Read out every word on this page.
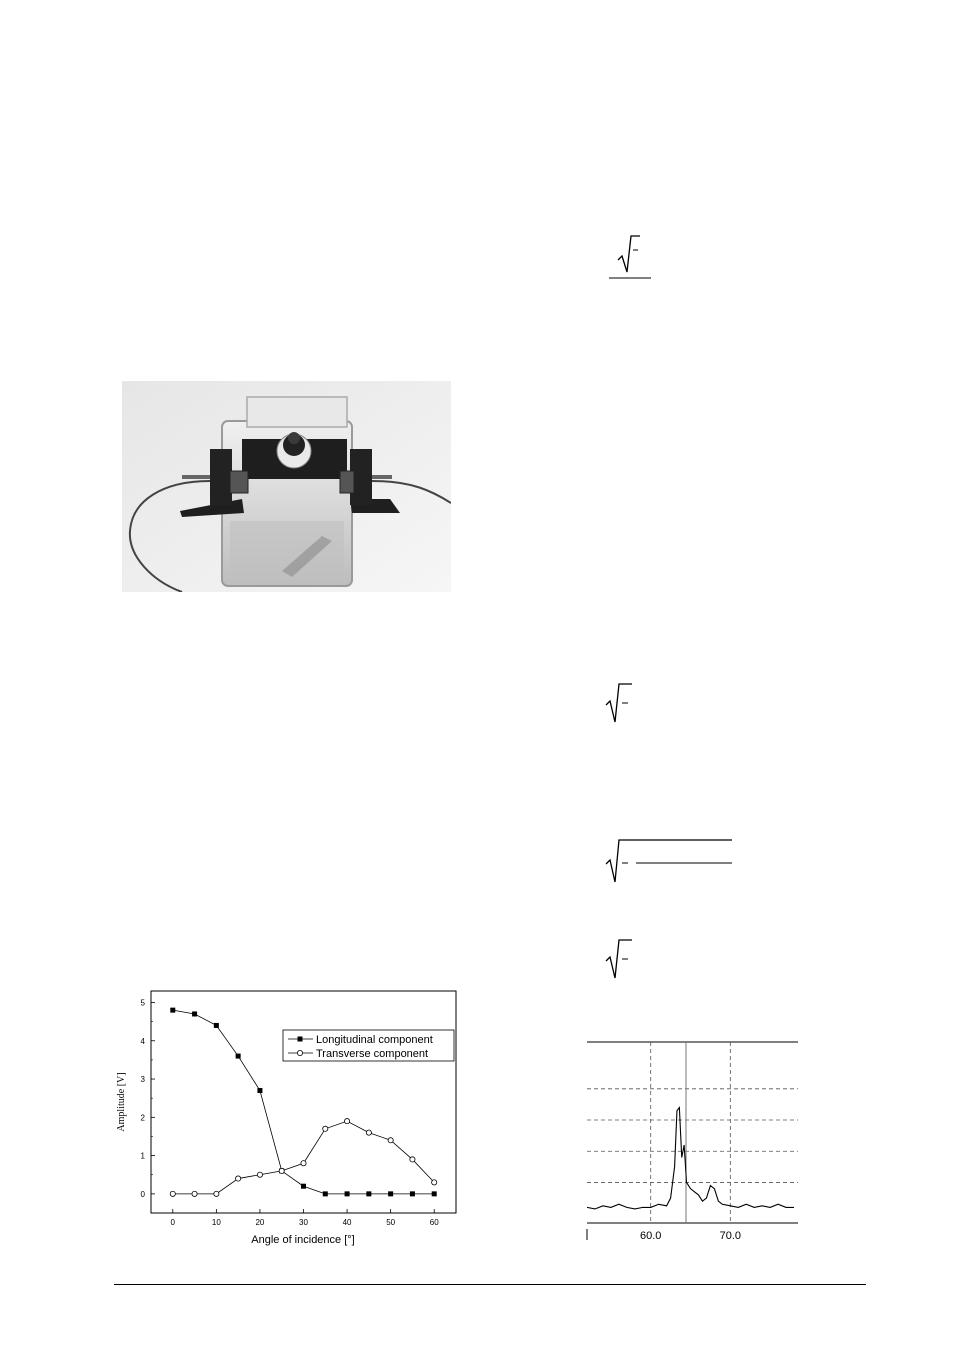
0
1
2
3
4
5
0	10	20	30	40	50	60
Amplitude [V]
Angle of incidence [°]
Longitudinal component
Transverse component
60.0	70.0
